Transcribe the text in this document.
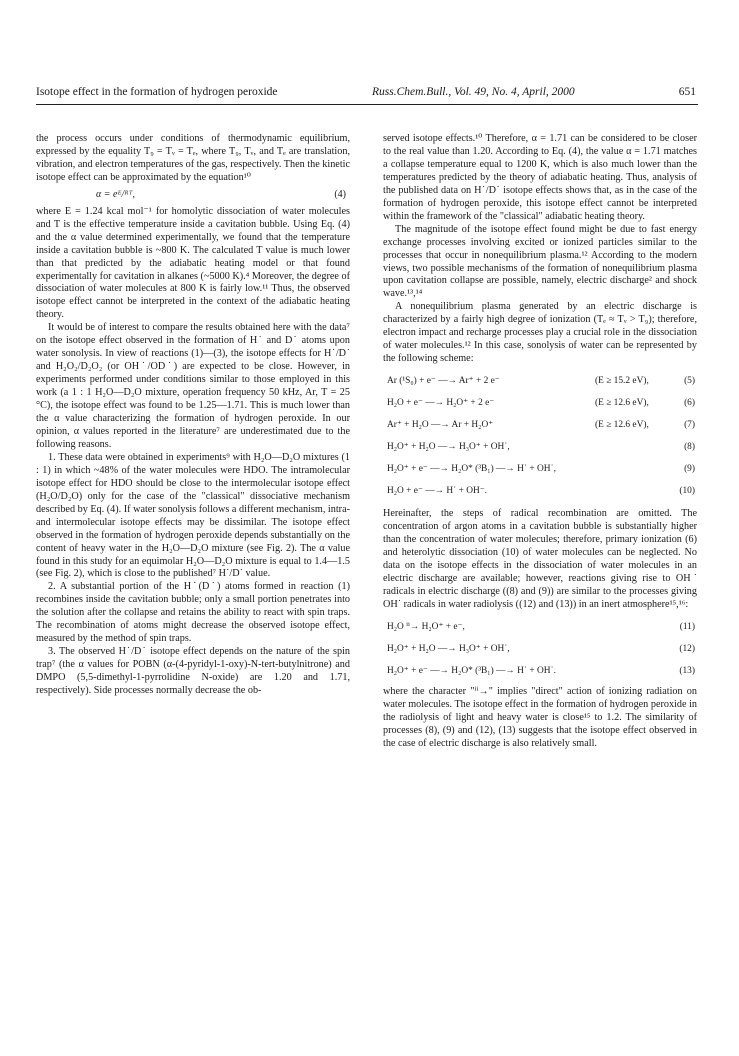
Isotope effect in the formation of hydrogen peroxide	Russ.Chem.Bull., Vol. 49, No. 4, April, 2000	651

the process occurs under conditions of thermodynamic equilibrium, expressed by the equality T₉ = Tᵥ = Tₑ, where T₉, Tᵥ, and Tₑ are translation, vibration, and electron temperatures of the gas, respectively. Then the kinetic isotope effect can be approximated by the equation¹⁰

α = eᴱ/ᴿᵀ,	(4)

where E = 1.24 kcal mol⁻¹ for homolytic dissociation of water molecules and T is the effective temperature inside a cavitation bubble. Using Eq. (4) and the α value determined experimentally, we found that the temperature inside a cavitation bubble is ~800 K. The calculated T value is much lower than that predicted by the adiabatic heating model or that found experimentally for cavitation in alkanes (~5000 K).⁴ Moreover, the degree of dissociation of water molecules at 800 K is fairly low.¹¹ Thus, the observed isotope effect cannot be interpreted in the context of the adiabatic heating theory.

It would be of interest to compare the results obtained here with the data⁷ on the isotope effect observed in the formation of H˙ and D˙ atoms upon water sonolysis. In view of reactions (1)—(3), the isotope effects for H˙/D˙ and H₂O₂/D₂O₂ (or OH˙/OD˙) are expected to be close. However, in experiments performed under conditions similar to those employed in this work (a 1 : 1 H₂O—D₂O mixture, operation frequency 50 kHz, Ar, T = 25 °C), the isotope effect was found to be 1.25—1.71. This is much lower than the α value characterizing the formation of hydrogen peroxide. In our opinion, α values reported in the literature⁷ are underestimated due to the following reasons.

1. These data were obtained in experiments⁹ with H₂O—D₂O mixtures (1 : 1) in which ~48% of the water molecules were HDO. The intramolecular isotope effect for HDO should be close to the intermolecular isotope effect (H₂O/D₂O) only for the case of the "classical" dissociative mechanism described by Eq. (4). If water sonolysis follows a different mechanism, intra- and intermolecular isotope effects may be dissimilar. The isotope effect observed in the formation of hydrogen peroxide depends substantially on the content of heavy water in the H₂O—D₂O mixture (see Fig. 2). The α value found in this study for an equimolar H₂O—D₂O mixture is equal to 1.4—1.5 (see Fig. 2), which is close to the published⁷ H˙/D˙ value.

2. A substantial portion of the H˙(D˙) atoms formed in reaction (1) recombines inside the cavitation bubble; only a small portion penetrates into the solution after the collapse and retains the ability to react with spin traps. The recombination of atoms might decrease the observed isotope effect, measured by the method of spin traps.

3. The observed H˙/D˙ isotope effect depends on the nature of the spin trap⁷ (the α values for POBN (α-(4-pyridyl-1-oxy)-N-tert-butylnitrone) and DMPO (5,5-dimethyl-1-pyrrolidine N-oxide) are 1.20 and 1.71, respectively). Side processes normally decrease the ob-

served isotope effects.¹⁰ Therefore, α = 1.71 can be considered to be closer to the real value than 1.20. According to Eq. (4), the value α = 1.71 matches a collapse temperature equal to 1200 K, which is also much lower than the temperatures predicted by the theory of adiabatic heating. Thus, analysis of the published data on H˙/D˙ isotope effects shows that, as in the case of the formation of hydrogen peroxide, this isotope effect cannot be interpreted within the framework of the "classical" adiabatic heating theory.

The magnitude of the isotope effect found might be due to fast energy exchange processes involving excited or ionized particles similar to the processes that occur in nonequilibrium plasma.¹² According to the modern views, two possible mechanisms of the formation of nonequilibrium plasma upon cavitation collapse are possible, namely, electric discharge² and shock wave.¹³,¹⁴

A nonequilibrium plasma generated by an electric discharge is characterized by a fairly high degree of ionization (Tₑ ≈ Tᵥ > T₉); therefore, electron impact and recharge processes play a crucial role in the dissociation of water molecules.¹² In this case, sonolysis of water can be represented by the following scheme:

Ar (¹S₀) + e⁻ —→ Ar⁺ + 2 e⁻	(E ≥ 15.2 eV),	(5)
H₂O + e⁻ —→ H₂O⁺ + 2 e⁻	(E ≥ 12.6 eV),	(6)
Ar⁺ + H₂O —→ Ar + H₂O⁺	(E ≥ 12.6 eV),	(7)
H₂O⁺ + H₂O —→ H₃O⁺ + OH˙,	(8)
H₂O⁺ + e⁻ —→ H₂O* (³B₁) —→ H˙ + OH˙,	(9)
H₂O + e⁻ —→ H˙ + OH⁻.	(10)

Hereinafter, the steps of radical recombination are omitted. The concentration of argon atoms in a cavitation bubble is substantially higher than the concentration of water molecules; therefore, primary ionization (6) and heterolytic dissociation (10) of water molecules can be neglected. No data on the isotope effects in the dissociation of water molecules in an electric discharge are available; however, reactions giving rise to OH˙ radicals in electric discharge ((8) and (9)) are similar to the processes giving OH˙ radicals in water radiolysis ((12) and (13)) in an inert atmosphere¹⁵,¹⁶:

H₂O ⁱⁱ→ H₂O⁺ + e⁻,	(11)
H₂O⁺ + H₂O —→ H₃O⁺ + OH˙,	(12)
H₂O⁺ + e⁻ —→ H₂O* (³B₁) —→ H˙ + OH˙.	(13)

where the character "ⁱⁱ→" implies "direct" action of ionizing radiation on water molecules. The isotope effect in the formation of hydrogen peroxide in the radiolysis of light and heavy water is close¹⁵ to 1.2. The similarity of processes (8), (9) and (12), (13) suggests that the isotope effect observed in the case of electric discharge is also relatively small.
